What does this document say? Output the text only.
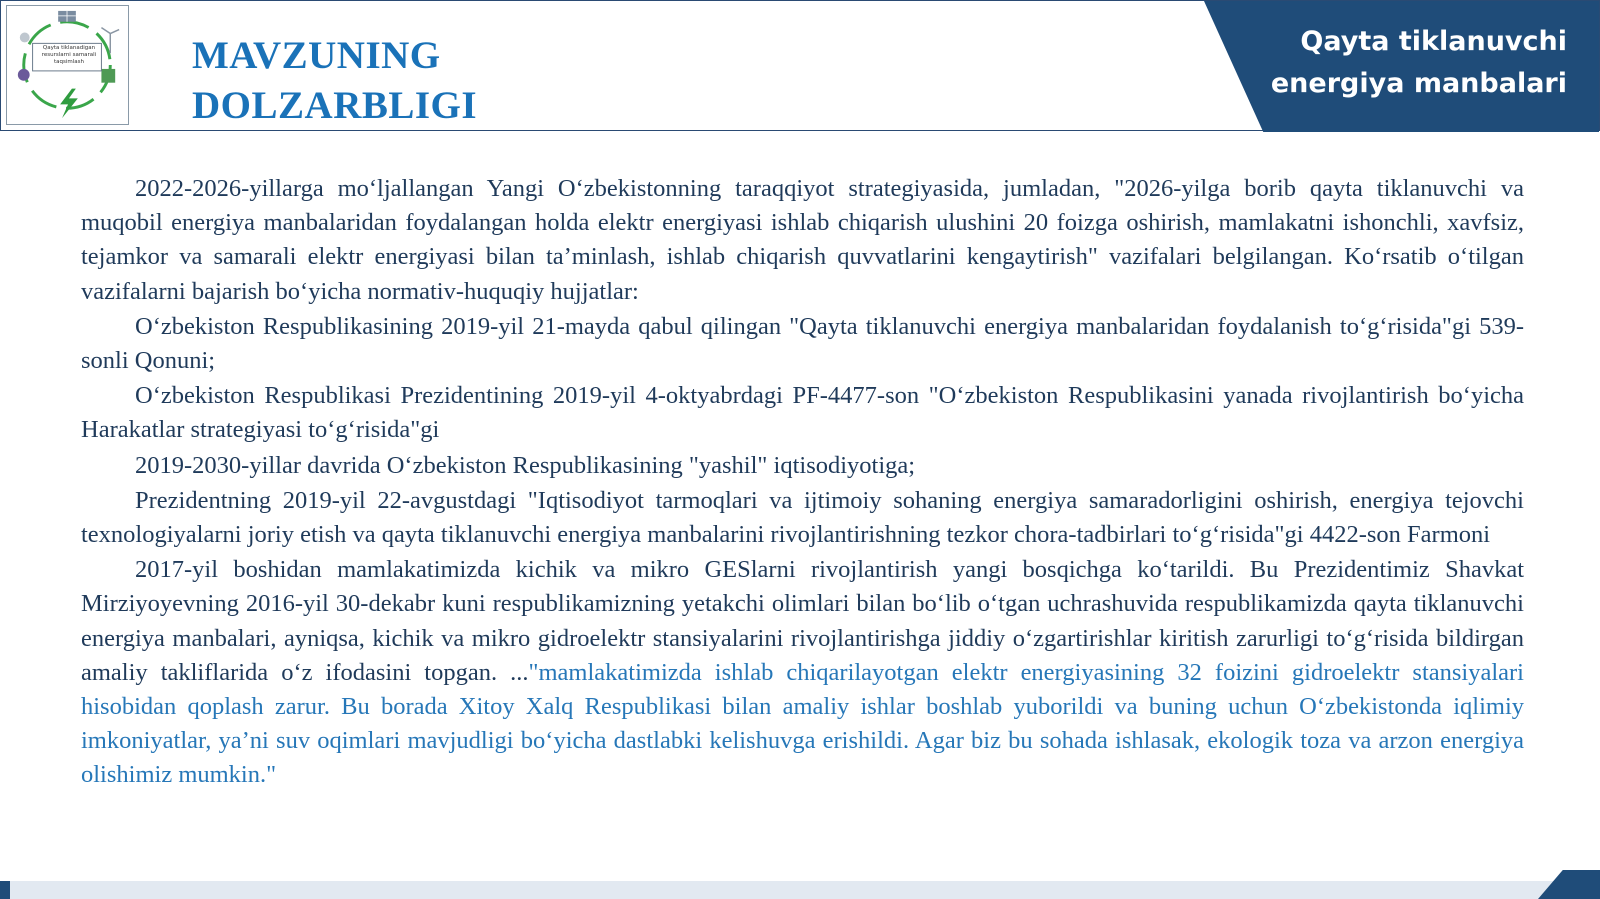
Qayta tiklanadigan resurslarni samarali taqsimlash	MAVZUNING
DOLZARBLIGI
Qayta tiklanuvchi
energiya manbalari

2022-2026-yillarga mo‘ljallangan Yangi O‘zbekistonning taraqqiyot strategiyasida, jumladan, "2026-yilga borib qayta tiklanuvchi va muqobil energiya manbalaridan foydalangan holda elektr energiyasi ishlab chiqarish ulushini 20 foizga oshirish, mamlakatni ishonchli, xavfsiz, tejamkor va samarali elektr energiyasi bilan ta’minlash, ishlab chiqarish quvvatlarini kengaytirish" vazifalari belgilangan. Ko‘rsatib o‘tilgan vazifalarni bajarish bo‘yicha normativ-huquqiy hujjatlar:

O‘zbekiston Respublikasining 2019-yil 21-mayda qabul qilingan "Qayta tiklanuvchi energiya manbalaridan foydalanish to‘g‘risida"gi 539-sonli Qonuni;

O‘zbekiston Respublikasi Prezidentining 2019-yil 4-oktyabrdagi PF-4477-son "O‘zbekiston Respublikasini yanada rivojlantirish bo‘yicha Harakatlar strategiyasi to‘g‘risida"gi

2019-2030-yillar davrida O‘zbekiston Respublikasining "yashil" iqtisodiyotiga;

Prezidentning 2019-yil 22-avgustdagi "Iqtisodiyot tarmoqlari va ijtimoiy sohaning energiya samaradorligini oshirish, energiya tejovchi texnologiyalarni joriy etish va qayta tiklanuvchi energiya manbalarini rivojlantirishning tezkor chora-tadbirlari to‘g‘risida"gi 4422-son Farmoni

2017-yil boshidan mamlakatimizda kichik va mikro GESlarni rivojlantirish yangi bosqichga ko‘tarildi. Bu Prezidentimiz Shavkat Mirziyoyevning 2016-yil 30-dekabr kuni respublikamizning yetakchi olimlari bilan bo‘lib o‘tgan uchrashuvida respublikamizda qayta tiklanuvchi energiya manbalari, ayniqsa, kichik va mikro gidroelektr stansiyalarini rivojlantirishga jiddiy o‘zgartirishlar kiritish zarurligi to‘g‘risida bildirgan amaliy takliflarida o‘z ifodasini topgan. ..."mamlakatimizda ishlab chiqarilayotgan elektr energiyasining 32 foizini gidroelektr stansiyalari hisobidan qoplash zarur. Bu borada Xitoy Xalq Respublikasi bilan amaliy ishlar boshlab yuborildi va buning uchun O‘zbekistonda iqlimiy imkoniyatlar, ya’ni suv oqimlari mavjudligi bo‘yicha dastlabki kelishuvga erishildi. Agar biz bu sohada ishlasak, ekologik toza va arzon energiya olishimiz mumkin."
